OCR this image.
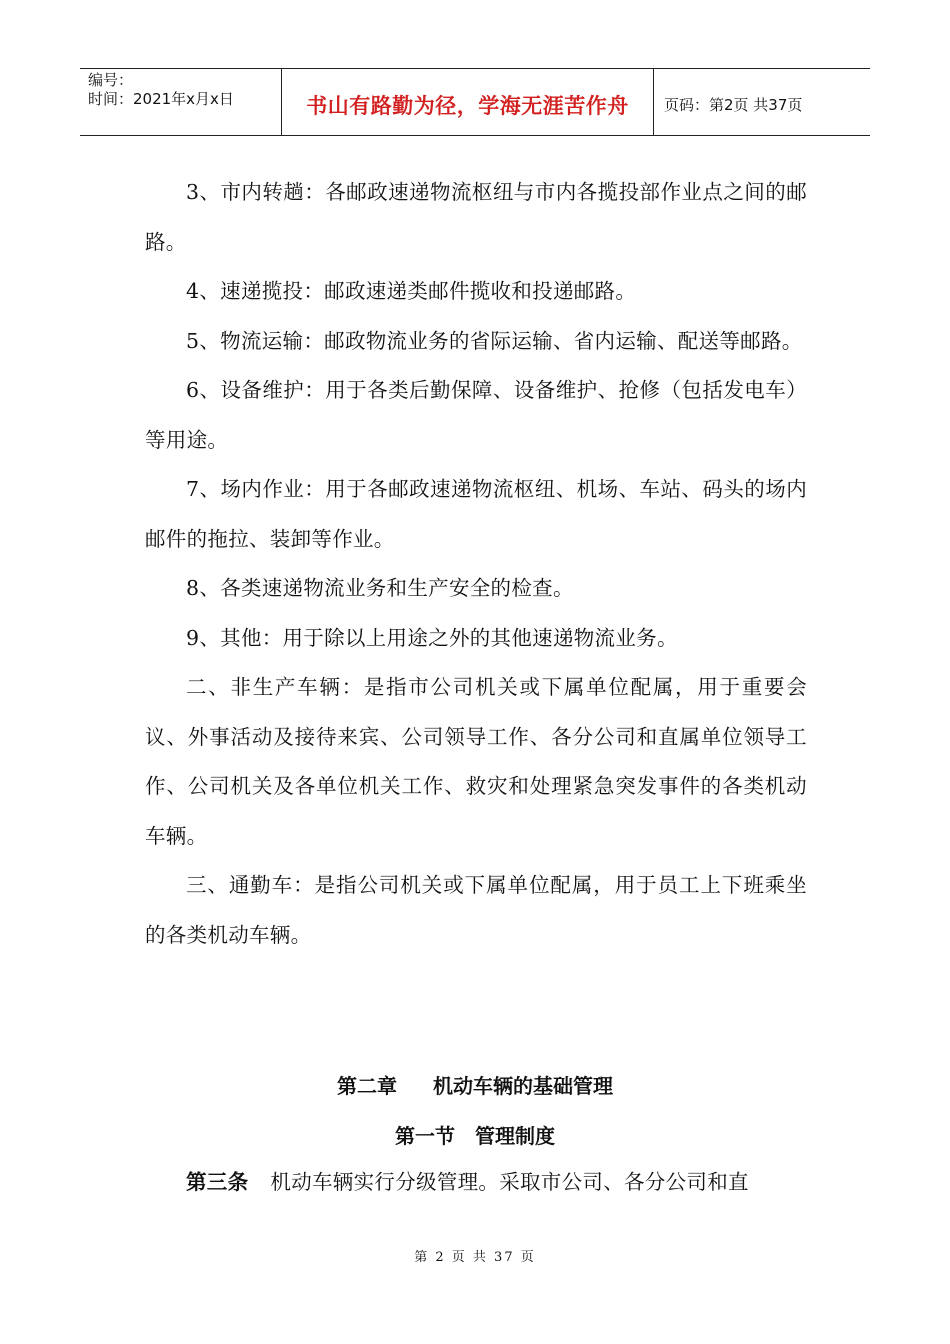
编号：
时间：2021年x月x日	书山有路勤为径，学海无涯苦作舟	页码：第2页 共37页

3、市内转趟：各邮政速递物流枢纽与市内各揽投部作业点之间的邮路。

4、速递揽投：邮政速递类邮件揽收和投递邮路。

5、物流运输：邮政物流业务的省际运输、省内运输、配送等邮路。

6、设备维护：用于各类后勤保障、设备维护、抢修（包括发电车）等用途。

7、场内作业：用于各邮政速递物流枢纽、机场、车站、码头的场内邮件的拖拉、装卸等作业。

8、各类速递物流业务和生产安全的检查。

9、其他：用于除以上用途之外的其他速递物流业务。

二、非生产车辆：是指市公司机关或下属单位配属，用于重要会议、外事活动及接待来宾、公司领导工作、各分公司和直属单位领导工作、公司机关及各单位机关工作、救灾和处理紧急突发事件的各类机动车辆。

三、通勤车：是指公司机关或下属单位配属，用于员工上下班乘坐的各类机动车辆。

第二章 机动车辆的基础管理
第一节 管理制度
第三条 机动车辆实行分级管理。采取市公司、各分公司和直
第 2 页 共 37 页
